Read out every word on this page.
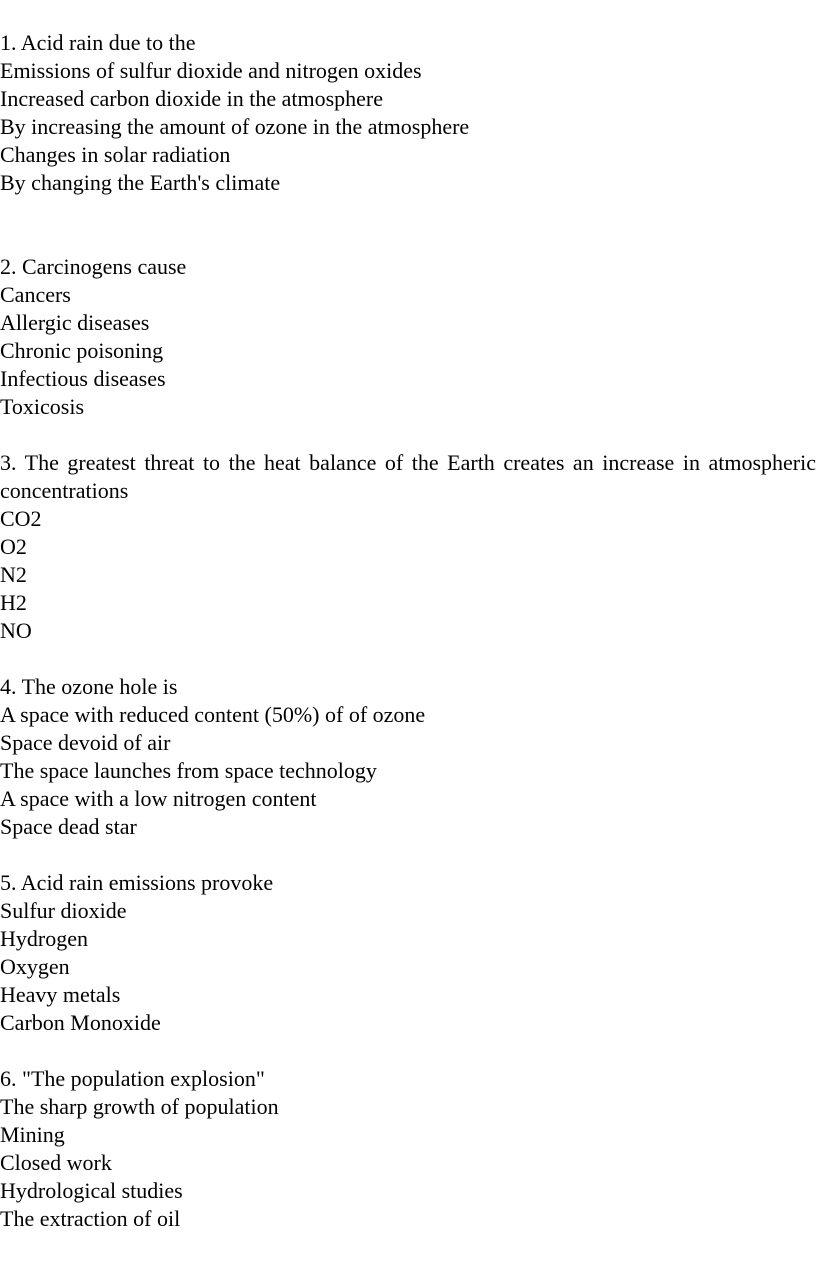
1. Acid rain due to the
Emissions of sulfur dioxide and nitrogen oxides
Increased carbon dioxide in the atmosphere
By increasing the amount of ozone in the atmosphere
Changes in solar radiation
By changing the Earth's climate
2. Carcinogens cause
Cancers
Allergic diseases
Chronic poisoning
Infectious diseases
Toxicosis
3. The greatest threat to the heat balance of the Earth creates an increase in atmospheric concentrations
CO2
O2
N2
H2
NO
4. The ozone hole is
A space with reduced content (50%) of of ozone
Space devoid of air
The space launches from space technology
A space with a low nitrogen content
Space dead star
5. Acid rain emissions provoke
Sulfur dioxide
Hydrogen
Oxygen
Heavy metals
Carbon Monoxide
6. "The population explosion"
The sharp growth of population
Mining
Closed work
Hydrological studies
The extraction of oil
